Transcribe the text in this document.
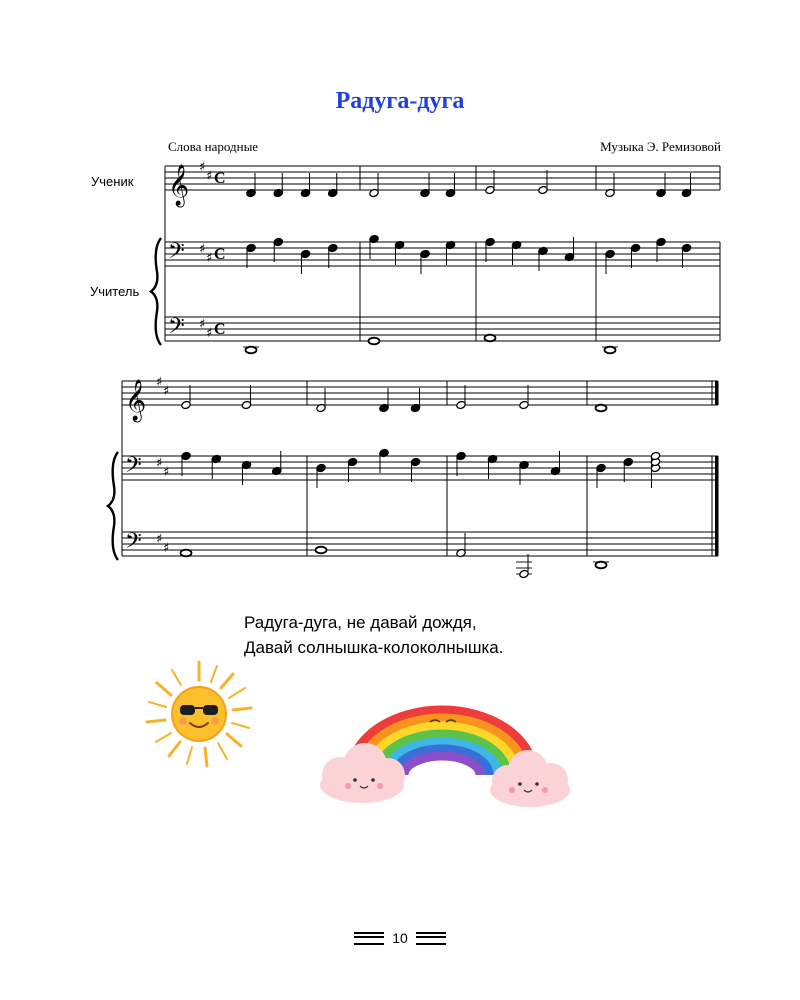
Радуга-дуга
Слова народные	Музыка Э. Ремизовой
Ученик
Учитель
𝄞 ♯
♯ C
𝄢 ♯
♯ C
𝄢 ♯
♯ C
𝄞 ♯
♯
𝄢 ♯
♯
𝄢 ♯
♯
Радуга-дуга, не давай дождя,
Давай солнышка-колоколнышка.
10
